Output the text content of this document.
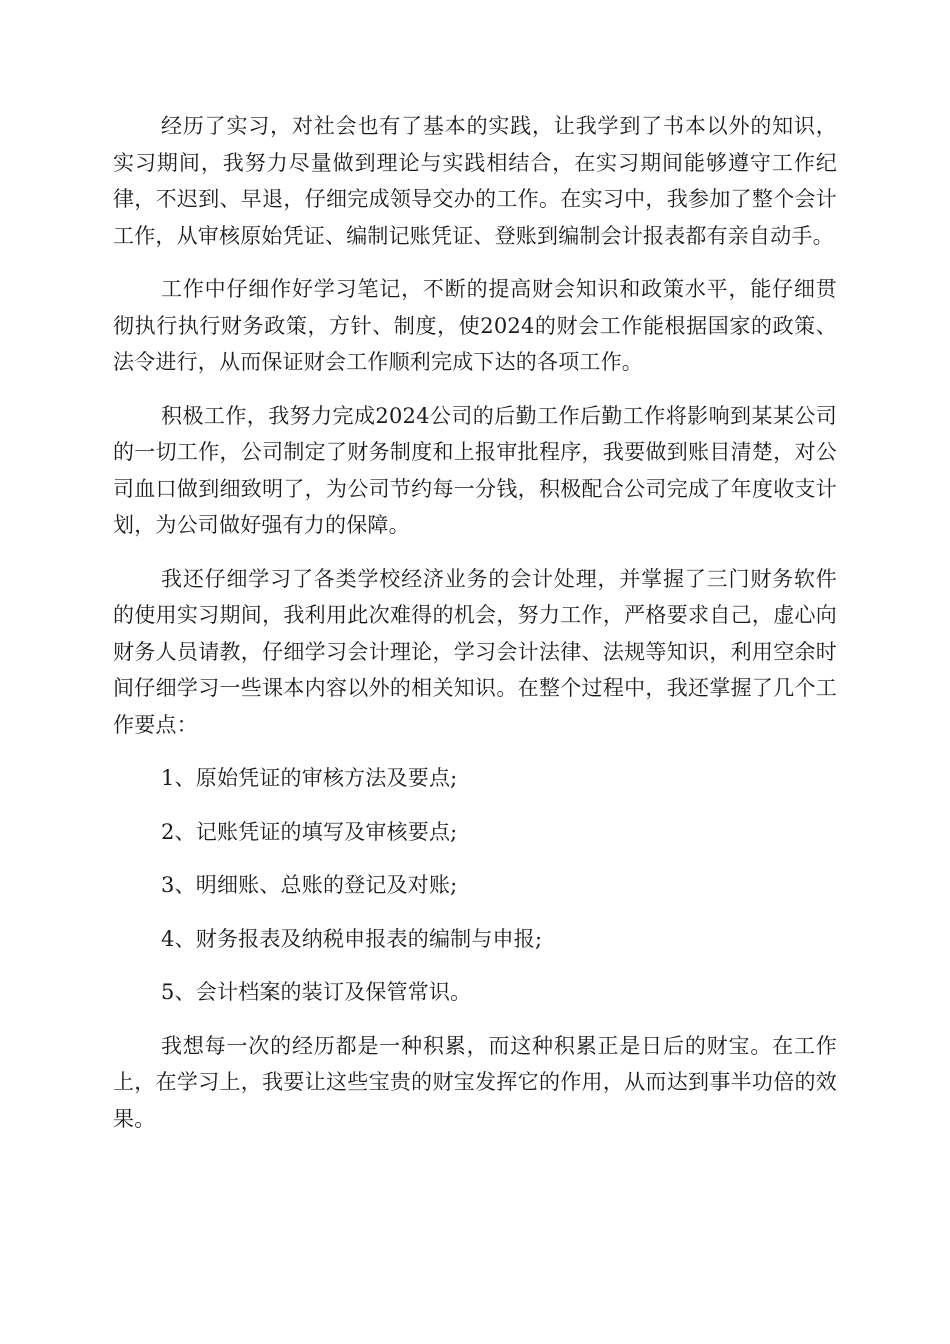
经历了实习，对社会也有了基本的实践，让我学到了书本以外的知识，实习期间，我努力尽量做到理论与实践相结合，在实习期间能够遵守工作纪律，不迟到、早退，仔细完成领导交办的工作。在实习中，我参加了整个会计工作，从审核原始凭证、编制记账凭证、登账到编制会计报表都有亲自动手。

工作中仔细作好学习笔记，不断的提高财会知识和政策水平，能仔细贯彻执行执行财务政策，方针、制度，使2024的财会工作能根据国家的政策、法令进行，从而保证财会工作顺利完成下达的各项工作。

积极工作，我努力完成2024公司的后勤工作后勤工作将影响到某某公司的一切工作，公司制定了财务制度和上报审批程序，我要做到账目清楚，对公司血口做到细致明了，为公司节约每一分钱，积极配合公司完成了年度收支计划，为公司做好强有力的保障。

我还仔细学习了各类学校经济业务的会计处理，并掌握了三门财务软件的使用实习期间，我利用此次难得的机会，努力工作，严格要求自己，虚心向财务人员请教，仔细学习会计理论，学习会计法律、法规等知识，利用空余时间仔细学习一些课本内容以外的相关知识。在整个过程中，我还掌握了几个工作要点：

1、原始凭证的审核方法及要点;

2、记账凭证的填写及审核要点;

3、明细账、总账的登记及对账;

4、财务报表及纳税申报表的编制与申报;

5、会计档案的装订及保管常识。

我想每一次的经历都是一种积累，而这种积累正是日后的财宝。在工作上，在学习上，我要让这些宝贵的财宝发挥它的作用，从而达到事半功倍的效果。
